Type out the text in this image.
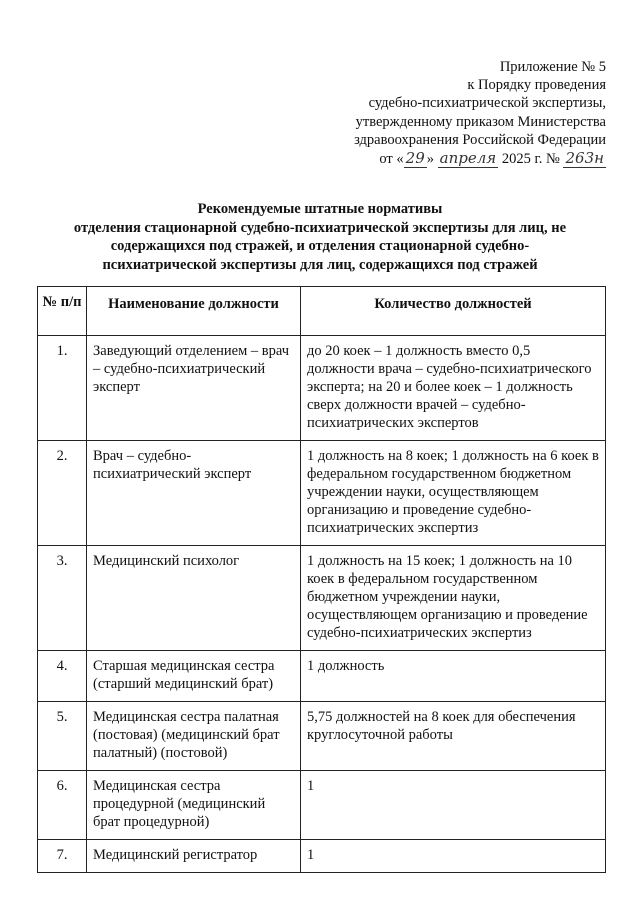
Приложение № 5
к Порядку проведения
судебно-психиатрической экспертизы,
утвержденному приказом Министерства
здравоохранения Российской Федерации
от « 29 » апреля 2025 г. № 263н
Рекомендуемые штатные нормативы
отделения стационарной судебно-психиатрической экспертизы для лиц, не
содержащихся под стражей, и отделения стационарной судебно-
психиатрической экспертизы для лиц, содержащихся под стражей
№ п/п	Наименование должности	Количество должностей
1.	Заведующий отделением – врач – судебно-психиатрический эксперт	до 20 коек – 1 должность вместо 0,5 должности врача – судебно-психиатрического эксперта; на 20 и более коек – 1 должность сверх должности врачей – судебно-психиатрических экспертов
2.	Врач – судебно-психиатрический эксперт	1 должность на 8 коек; 1 должность на 6 коек в федеральном государственном бюджетном учреждении науки, осуществляющем организацию и проведение судебно-психиатрических экспертиз
3.	Медицинский психолог	1 должность на 15 коек; 1 должность на 10 коек в федеральном государственном бюджетном учреждении науки, осуществляющем организацию и проведение судебно-психиатрических экспертиз
4.	Старшая медицинская сестра (старший медицинский брат)	1 должность
5.	Медицинская сестра палатная (постовая) (медицинский брат палатный) (постовой)	5,75 должностей на 8 коек для обеспечения круглосуточной работы
6.	Медицинская сестра процедурной (медицинский брат процедурной)	1
7.	Медицинский регистратор	1
